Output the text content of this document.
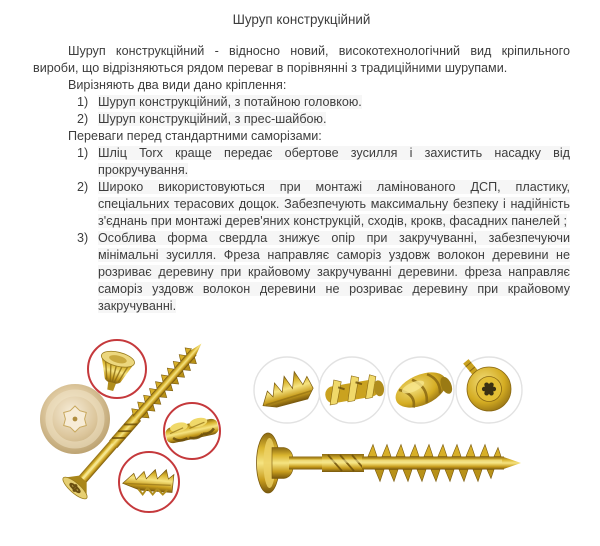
Шуруп конструкційний

Шуруп конструкційний - відносно новий, високотехнологічний вид кріпильного вироби, що відрізняються рядом переваг в порівнянні з традиційними шурупами.

Вирізняють два види дано кріплення:

1) Шуруп конструкційний, з потайною головкою.
2) Шуруп конструкційний, з прес-шайбою.

Переваги перед стандартними саморізами:

1) Шліц Torx краще передає обертове зусилля і захистить насадку від прокручування.
2) Широко використовуються при монтажі ламінованого ДСП, пластику, спеціальних терасових дощок. Забезпечують максимальну безпеку і надійність з'єднань при монтажі дерев'яних конструкцій, сходів, крокв, фасадних панелей ;
3) Особлива форма свердла знижує опір при закручуванні, забезпечуючи мінімальні зусилля. Фреза направляє саморіз уздовж волокон деревини не розриває деревину при крайовому закручуванні деревини. фреза направляє саморіз уздовж волокон деревини не розриває деревину при крайовому закручуванні.
